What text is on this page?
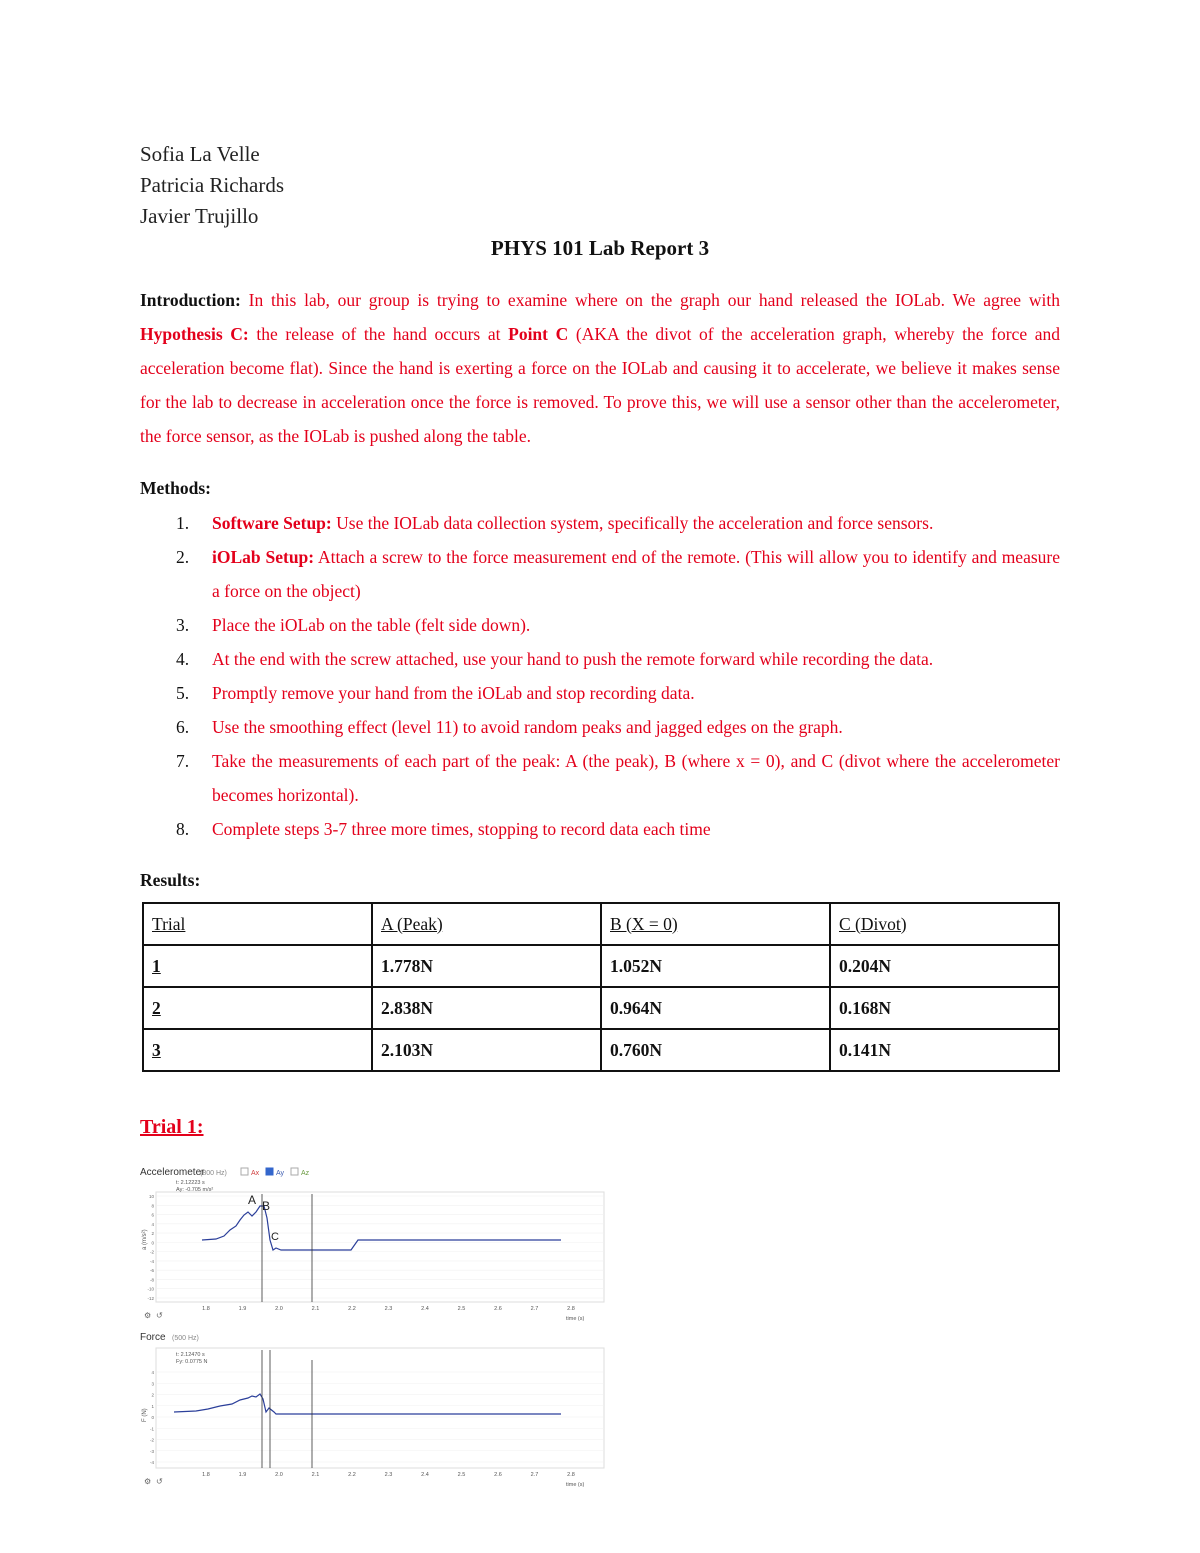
Sofia La Velle
Patricia Richards
Javier Trujillo
PHYS 101 Lab Report 3
Introduction: In this lab, our group is trying to examine where on the graph our hand released the IOLab. We agree with Hypothesis C: the release of the hand occurs at Point C (AKA the divot of the acceleration graph, whereby the force and acceleration become flat). Since the hand is exerting a force on the IOLab and causing it to accelerate, we believe it makes sense for the lab to decrease in acceleration once the force is removed. To prove this, we will use a sensor other than the accelerometer, the force sensor, as the IOLab is pushed along the table.
Methods:
1. Software Setup: Use the IOLab data collection system, specifically the acceleration and force sensors.
2. iOLab Setup: Attach a screw to the force measurement end of the remote. (This will allow you to identify and measure a force on the object)
3. Place the iOLab on the table (felt side down).
4. At the end with the screw attached, use your hand to push the remote forward while recording the data.
5. Promptly remove your hand from the iOLab and stop recording data.
6. Use the smoothing effect (level 11) to avoid random peaks and jagged edges on the graph.
7. Take the measurements of each part of the peak: A (the peak), B (where x = 0), and C (divot where the accelerometer becomes horizontal).
8. Complete steps 3-7 three more times, stopping to record data each time
Results:
Trial	A (Peak)	B (X = 0)	C (Divot)
1	1.778N	1.052N	0.204N
2	2.838N	0.964N	0.168N
3	2.103N	0.760N	0.141N
Trial 1:
Accelerometer
(800 Hz)	Ax Ay Az
10
8
6
4
2
0
-2
-4
-6
-8
-10
-12
t: 2.12223 s
Ay: -0.705 m/s²
a (m/s²)
A B
C
1.8	1.9	2.0	2.1	2.2	2.3	2.4	2.5	2.6	2.7	2.8
time (s)
⚙ ↺
Force (500 Hz)
4
3
2
1
0
-1
-2
-3
-4
t: 2.12470 s
Fy: 0.0775 N
F (N)
1.8	1.9	2.0	2.1	2.2	2.3	2.4	2.5	2.6	2.7	2.8
time (s)
⚙ ↺
